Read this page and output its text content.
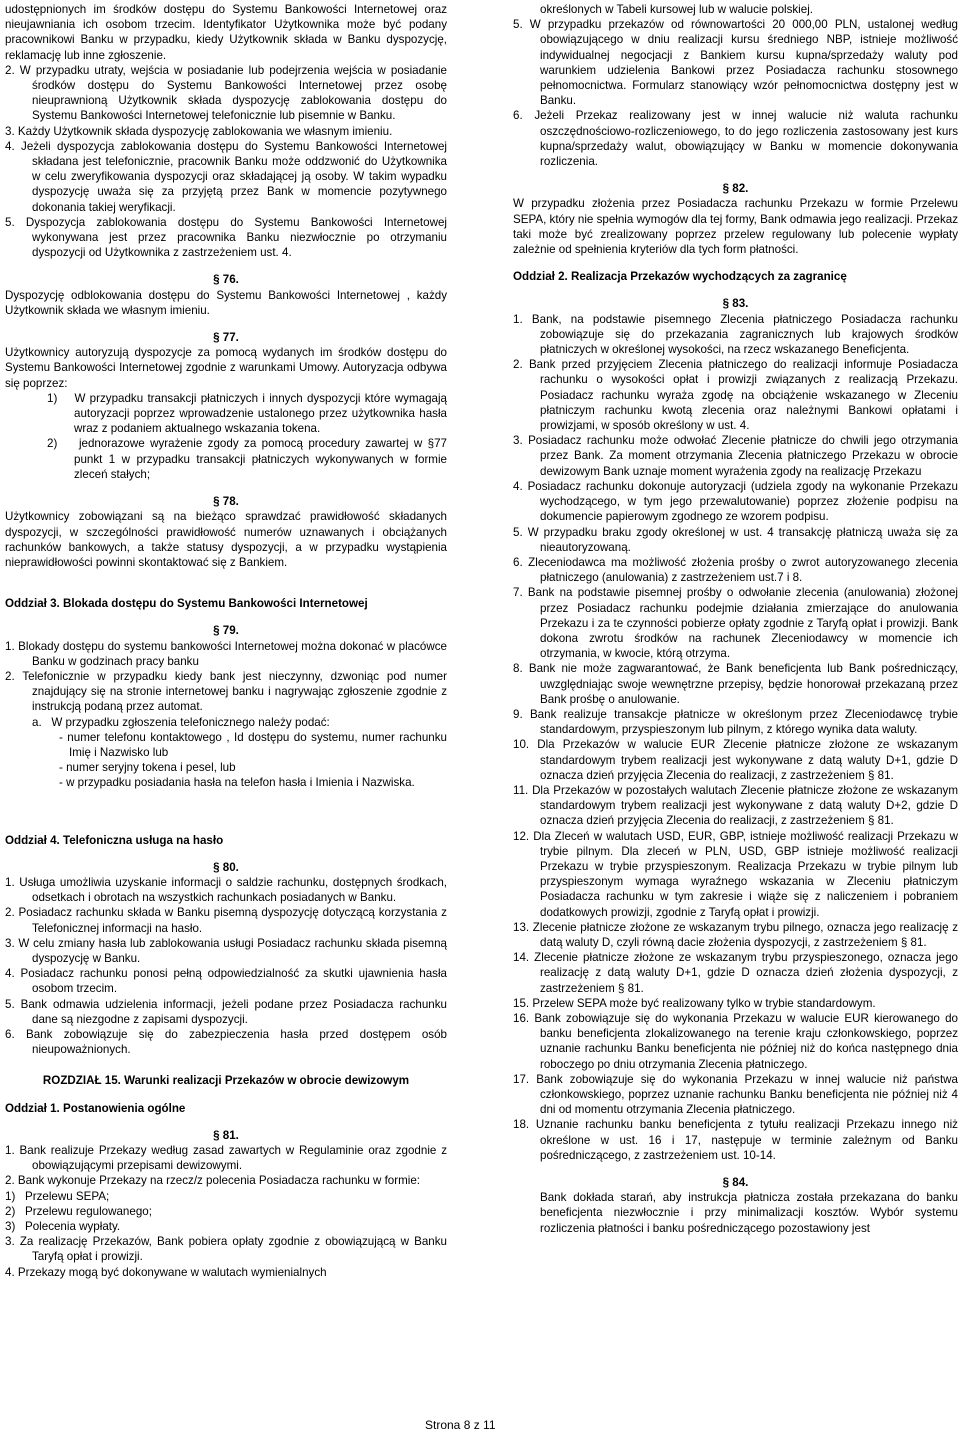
udostępnionych im środków dostępu do Systemu Bankowości Internetowej oraz nieujawniania ich osobom trzecim. Identyfikator Użytkownika może być podany pracownikowi Banku w przypadku, kiedy Użytkownik składa w Banku dyspozycję, reklamację lub inne zgłoszenie.

2. W przypadku utraty, wejścia w posiadanie lub podejrzenia wejścia w posiadanie środków dostępu do Systemu Bankowości Internetowej przez osobę nieuprawnioną Użytkownik składa dyspozycję zablokowania dostępu do Systemu Bankowości Internetowej telefonicznie lub pisemnie w Banku.

3. Każdy Użytkownik składa dyspozycję zablokowania we własnym imieniu.

4. Jeżeli dyspozycja zablokowania dostępu do Systemu Bankowości Internetowej składana jest telefonicznie, pracownik Banku może oddzwonić do Użytkownika w celu zweryfikowania dyspozycji oraz składającej ją osoby. W takim wypadku dyspozycję uważa się za przyjętą przez Bank w momencie pozytywnego dokonania takiej weryfikacji.

5. Dyspozycja zablokowania dostępu do Systemu Bankowości Internetowej wykonywana jest przez pracownika Banku niezwłocznie po otrzymaniu dyspozycji od Użytkownika z zastrzeżeniem ust. 4.

§ 76.

Dyspozycję odblokowania dostępu do Systemu Bankowości Internetowej , każdy Użytkownik składa we własnym imieniu.

§ 77.

Użytkownicy autoryzują dyspozycje za pomocą wydanych im środków dostępu do Systemu Bankowości Internetowej zgodnie z warunkami Umowy. Autoryzacja odbywa się poprzez:

1) W przypadku transakcji płatniczych i innych dyspozycji które wymagają autoryzacji poprzez wprowadzenie ustalonego przez użytkownika hasła wraz z podaniem aktualnego wskazania tokena.

2) jednorazowe wyrażenie zgody za pomocą procedury zawartej w §77 punkt 1 w przypadku transakcji płatniczych wykonywanych w formie zleceń stałych;

§ 78.

Użytkownicy zobowiązani są na bieżąco sprawdzać prawidłowość składanych dyspozycji, w szczególności prawidłowość numerów uznawanych i obciążanych rachunków bankowych, a także statusy dyspozycji, a w przypadku wystąpienia nieprawidłowości powinni skontaktować się z Bankiem.

Oddział 3. Blokada dostępu do Systemu Bankowości Internetowej

§ 79.

1. Blokady dostępu do systemu bankowości Internetowej można dokonać w placówce Banku w godzinach pracy banku

2. Telefonicznie w przypadku kiedy bank jest nieczynny, dzwoniąc pod numer znajdujący się na stronie internetowej banku i nagrywając zgłoszenie zgodnie z instrukcją podaną przez automat.

a. W przypadku zgłoszenia telefonicznego należy podać:

- numer telefonu kontaktowego , Id dostępu do systemu, numer rachunku Imię i Nazwisko lub

- numer seryjny tokena i pesel, lub

- w przypadku posiadania hasła na telefon hasła i Imienia i Nazwiska.

Oddział 4. Telefoniczna usługa na hasło

§ 80.

1. Usługa umożliwia uzyskanie informacji o saldzie rachunku, dostępnych środkach, odsetkach i obrotach na wszystkich rachunkach posiadanych w Banku.

2. Posiadacz rachunku składa w Banku pisemną dyspozycję dotyczącą korzystania z Telefonicznej informacji na hasło.

3. W celu zmiany hasła lub zablokowania usługi Posiadacz rachunku składa pisemną dyspozycję w Banku.

4. Posiadacz rachunku ponosi pełną odpowiedzialność za skutki ujawnienia hasła osobom trzecim.

5. Bank odmawia udzielenia informacji, jeżeli podane przez Posiadacza rachunku dane są niezgodne z zapisami dyspozycji.

6. Bank zobowiązuje się do zabezpieczenia hasła przed dostępem osób nieupoważnionych.

ROZDZIAŁ 15. Warunki realizacji Przekazów w obrocie dewizowym

Oddział 1. Postanowienia ogólne

§ 81.

1. Bank realizuje Przekazy według zasad zawartych w Regulaminie oraz zgodnie z obowiązującymi przepisami dewizowymi.

2. Bank wykonuje Przekazy na rzecz/z polecenia Posiadacza rachunku w formie:

1) Przelewu SEPA;

2) Przelewu regulowanego;

3) Polecenia wypłaty.

3. Za realizację Przekazów, Bank pobiera opłaty zgodnie z obowiązującą w Banku Taryfą opłat i prowizji.

4. Przekazy mogą być dokonywane w walutach wymienialnych

określonych w Tabeli kursowej lub w walucie polskiej.

5. W przypadku przekazów od równowartości 20 000,00 PLN, ustalonej według obowiązującego w dniu realizacji kursu średniego NBP, istnieje możliwość indywidualnej negocjacji z Bankiem kursu kupna/sprzedaży waluty pod warunkiem udzielenia Bankowi przez Posiadacza rachunku stosownego pełnomocnictwa. Formularz stanowiący wzór pełnomocnictwa dostępny jest w Banku.

6. Jeżeli Przekaz realizowany jest w innej walucie niż waluta rachunku oszczędnościowo-rozliczeniowego, to do jego rozliczenia zastosowany jest kurs kupna/sprzedaży walut, obowiązujący w Banku w momencie dokonywania rozliczenia.

§ 82.

W przypadku złożenia przez Posiadacza rachunku Przekazu w formie Przelewu SEPA, który nie spełnia wymogów dla tej formy, Bank odmawia jego realizacji. Przekaz taki może być zrealizowany poprzez przelew regulowany lub polecenie wypłaty zależnie od spełnienia kryteriów dla tych form płatności.

Oddział 2. Realizacja Przekazów wychodzących za zagranicę

§ 83.

1. Bank, na podstawie pisemnego Zlecenia płatniczego Posiadacza rachunku zobowiązuje się do przekazania zagranicznych lub krajowych środków płatniczych w określonej wysokości, na rzecz wskazanego Beneficjenta.

2. Bank przed przyjęciem Zlecenia płatniczego do realizacji informuje Posiadacza rachunku o wysokości opłat i prowizji związanych z realizacją Przekazu. Posiadacz rachunku wyraża zgodę na obciążenie wskazanego w Zleceniu płatniczym rachunku kwotą zlecenia oraz należnymi Bankowi opłatami i prowizjami, w sposób określony w ust. 4.

3. Posiadacz rachunku może odwołać Zlecenie płatnicze do chwili jego otrzymania przez Bank. Za moment otrzymania Zlecenia płatniczego Przekazu w obrocie dewizowym Bank uznaje moment wyrażenia zgody na realizację Przekazu

4. Posiadacz rachunku dokonuje autoryzacji (udziela zgody na wykonanie Przekazu wychodzącego, w tym jego przewalutowanie) poprzez złożenie podpisu na dokumencie papierowym zgodnego ze wzorem podpisu.

5. W przypadku braku zgody określonej w ust. 4 transakcję płatniczą uważa się za nieautoryzowaną.

6. Zleceniodawca ma możliwość złożenia prośby o zwrot autoryzowanego zlecenia płatniczego (anulowania) z zastrzeżeniem ust.7 i 8.

7. Bank na podstawie pisemnej prośby o odwołanie zlecenia (anulowania) złożonej przez Posiadacz rachunku podejmie działania zmierzające do anulowania Przekazu i za te czynności pobierze opłaty zgodnie z Taryfą opłat i prowizji. Bank dokona zwrotu środków na rachunek Zleceniodawcy w momencie ich otrzymania, w kwocie, którą otrzyma.

8. Bank nie może zagwarantować, że Bank beneficjenta lub Bank pośredniczący, uwzględniając swoje wewnętrzne przepisy, będzie honorował przekazaną przez Bank prośbę o anulowanie.

9. Bank realizuje transakcje płatnicze w określonym przez Zleceniodawcę trybie standardowym, przyspieszonym lub pilnym, z którego wynika data waluty.

10. Dla Przekazów w walucie EUR Zlecenie płatnicze złożone ze wskazanym standardowym trybem realizacji jest wykonywane z datą waluty D+1, gdzie D oznacza dzień przyjęcia Zlecenia do realizacji, z zastrzeżeniem § 81.

11. Dla Przekazów w pozostałych walutach Zlecenie płatnicze złożone ze wskazanym standardowym trybem realizacji jest wykonywane z datą waluty D+2, gdzie D oznacza dzień przyjęcia Zlecenia do realizacji, z zastrzeżeniem § 81.

12. Dla Zleceń w walutach USD, EUR, GBP, istnieje możliwość realizacji Przekazu w trybie pilnym. Dla zleceń w PLN, USD, GBP istnieje możliwość realizacji Przekazu w trybie przyspieszonym. Realizacja Przekazu w trybie pilnym lub przyspieszonym wymaga wyraźnego wskazania w Zleceniu płatniczym Posiadacza rachunku w tym zakresie i wiąże się z naliczeniem i pobraniem dodatkowych prowizji, zgodnie z Taryfą opłat i prowizji.

13. Zlecenie płatnicze złożone ze wskazanym trybu pilnego, oznacza jego realizację z datą waluty D, czyli równą dacie złożenia dyspozycji, z zastrzeżeniem § 81.

14. Zlecenie płatnicze złożone ze wskazanym trybu przyspieszonego, oznacza jego realizację z datą waluty D+1, gdzie D oznacza dzień złożenia dyspozycji, z zastrzeżeniem § 81.

15. Przelew SEPA może być realizowany tylko w trybie standardowym.

16. Bank zobowiązuje się do wykonania Przekazu w walucie EUR kierowanego do banku beneficjenta zlokalizowanego na terenie kraju członkowskiego, poprzez uznanie rachunku Banku beneficjenta nie później niż do końca następnego dnia roboczego po dniu otrzymania Zlecenia płatniczego.

17. Bank zobowiązuje się do wykonania Przekazu w innej walucie niż państwa członkowskiego, poprzez uznanie rachunku Banku beneficjenta nie później niż 4 dni od momentu otrzymania Zlecenia płatniczego.

18. Uznanie rachunku banku beneficjenta z tytułu realizacji Przekazu innego niż określone w ust. 16 i 17, następuje w terminie zależnym od Banku pośredniczącego, z zastrzeżeniem ust. 10-14.

§ 84.

Bank dokłada starań, aby instrukcja płatnicza została przekazana do banku beneficjenta niezwłocznie i przy minimalizacji kosztów. Wybór systemu rozliczenia płatności i banku pośredniczącego pozostawiony jest

Strona 8 z 11
